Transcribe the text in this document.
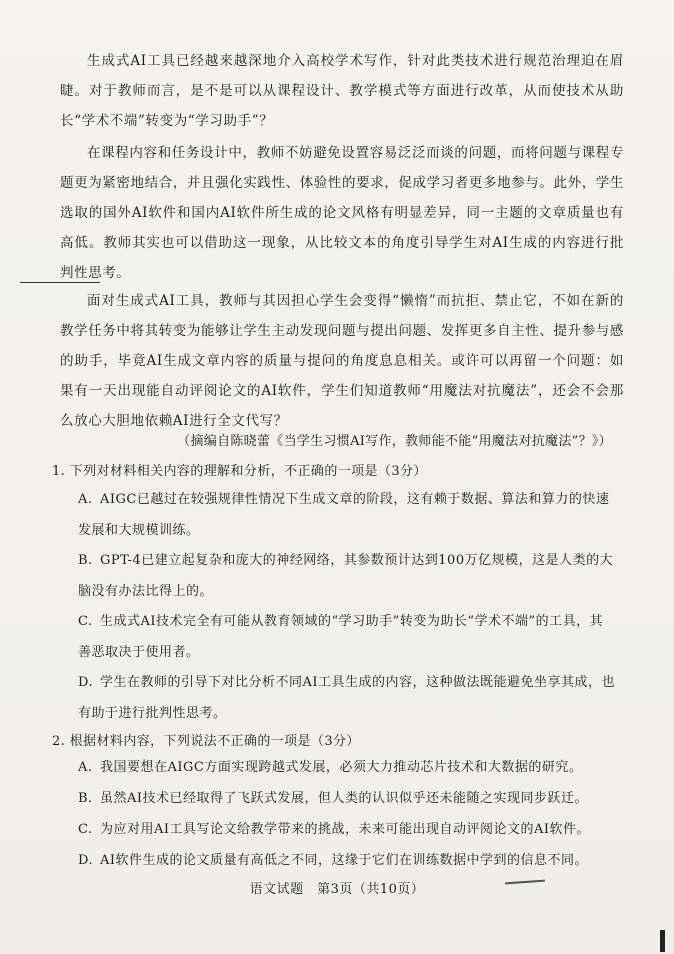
生成式AI工具已经越来越深地介入高校学术写作，针对此类技术进行规范治理迫在眉睫。对于教师而言，是不是可以从课程设计、教学模式等方面进行改革，从而使技术从助长“学术不端”转变为“学习助手”？

在课程内容和任务设计中，教师不妨避免设置容易泛泛而谈的问题，而将问题与课程专题更为紧密地结合，并且强化实践性、体验性的要求，促成学习者更多地参与。此外，学生选取的国外AI软件和国内AI软件所生成的论文风格有明显差异，同一主题的文章质量也有高低。教师其实也可以借助这一现象，从比较文本的角度引导学生对AI生成的内容进行批判性思考。

面对生成式AI工具，教师与其因担心学生会变得“懒惰”而抗拒、禁止它，不如在新的教学任务中将其转变为能够让学生主动发现问题与提出问题、发挥更多自主性、提升参与感的助手，毕竟AI生成文章内容的质量与提问的角度息息相关。或许可以再留一个问题：如果有一天出现能自动评阅论文的AI软件，学生们知道教师“用魔法对抗魔法”，还会不会那么放心大胆地依赖AI进行全文代写？

（摘编自陈晓蕾《当学生习惯AI写作，教师能不能“用魔法对抗魔法”？》）
1. 下列对材料相关内容的理解和分析，不正确的一项是（3分）
A. AIGC已越过在较强规律性情况下生成文章的阶段，这有赖于数据、算法和算力的快速发展和大规模训练。
B. GPT-4已建立起复杂和庞大的神经网络，其参数预计达到100万亿规模，这是人类的大脑没有办法比得上的。
C. 生成式AI技术完全有可能从教育领域的“学习助手”转变为助长“学术不端”的工具，其善恶取决于使用者。
D. 学生在教师的引导下对比分析不同AI工具生成的内容，这种做法既能避免坐享其成，也有助于进行批判性思考。
2. 根据材料内容，下列说法不正确的一项是（3分）
A. 我国要想在AIGC方面实现跨越式发展，必须大力推动芯片技术和大数据的研究。
B. 虽然AI技术已经取得了飞跃式发展，但人类的认识似乎还未能随之实现同步跃迁。
C. 为应对用AI工具写论文给教学带来的挑战，未来可能出现自动评阅论文的AI软件。
D. AI软件生成的论文质量有高低之不同，这缘于它们在训练数据中学到的信息不同。
语文试题　第3页（共10页）
